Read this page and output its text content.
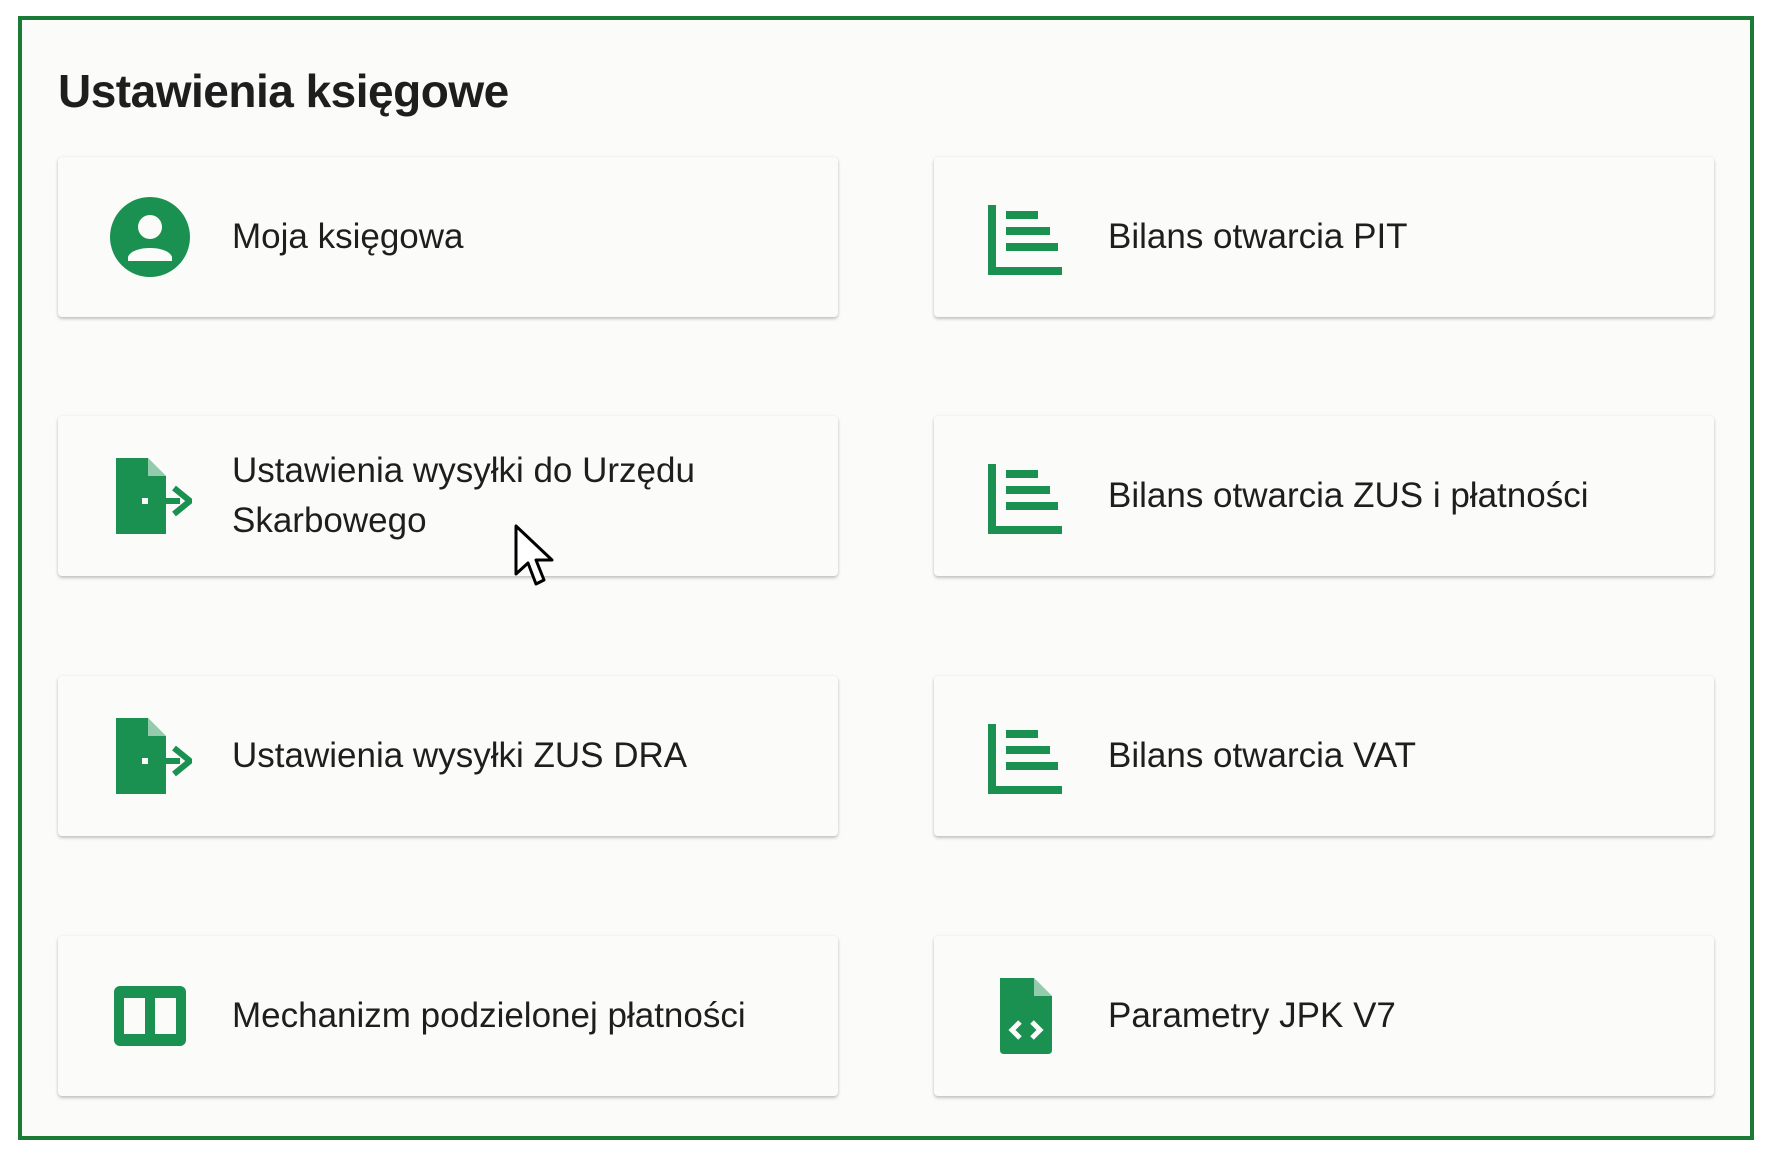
Ustawienia księgowe
Moja księgowa	Bilans otwarcia PIT
Ustawienia wysyłki do Urzędu Skarbowego
Bilans otwarcia ZUS i płatności
Ustawienia wysyłki ZUS DRA	Bilans otwarcia VAT
Mechanizm podzielonej płatności	Parametry JPK V7
